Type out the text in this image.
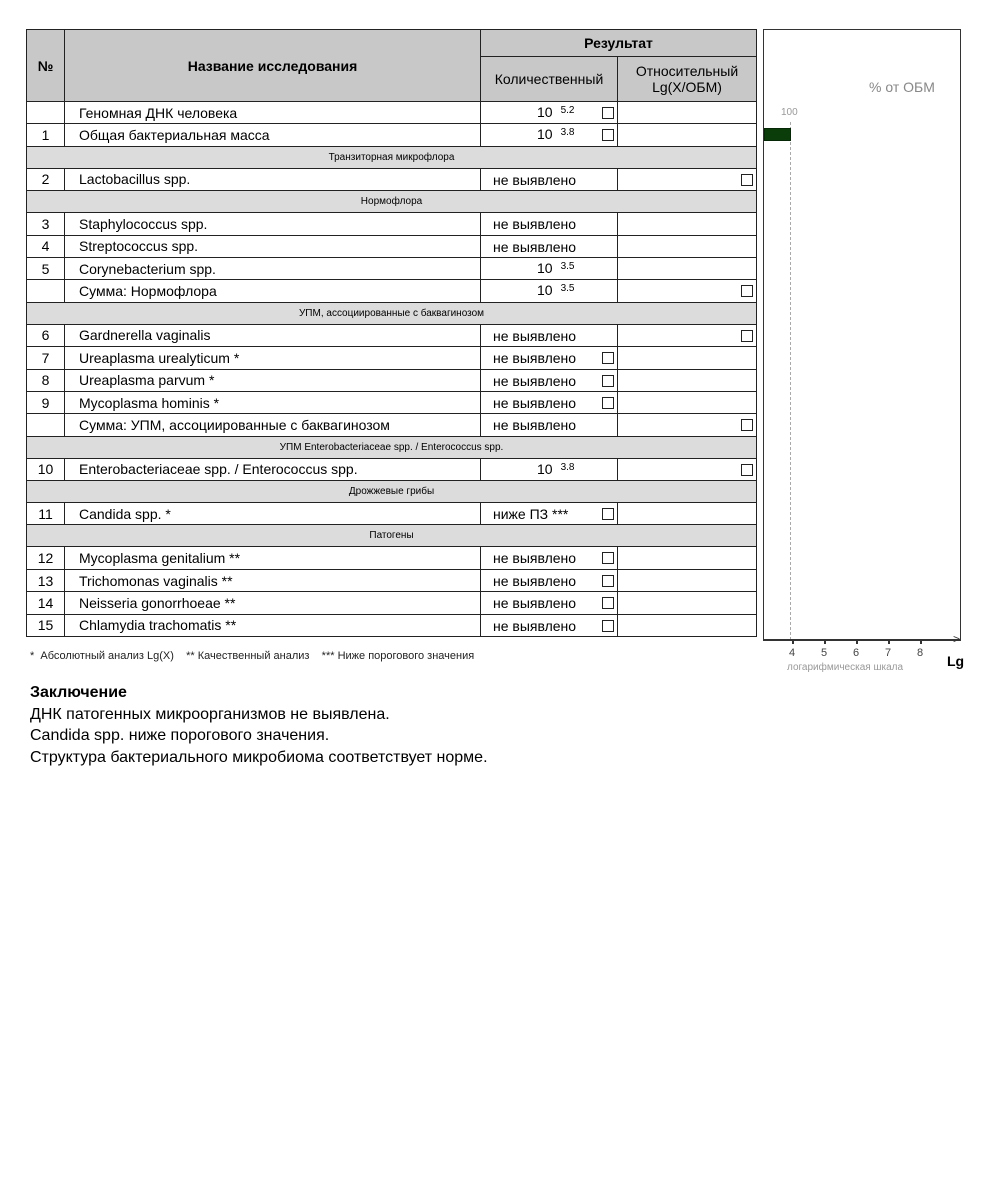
№	Название исследования	Результат	
		Количественный	Относительный
Lg(X/ОБМ)

	Геномная ДНК человека	10 $^{5.2}$

1	Общая бактериальная масса	10 $^{3.8}$

Транзиторная микрофлора			
2	Lactobacillus spp.	не выявлено	

Нормофлора			
3	Staphylococcus spp.	не выявлено	

4	Streptococcus spp.	не выявлено	

5	Corynebacterium spp.	10 $^{3.5}$

	Сумма: Нормофлора	10 $^{3.5}$

УПМ, ассоциированные с баквагинозом			
6	Gardnerella vaginalis	не выявлено	

7	Ureaplasma urealyticum *	не выявлено	

8	Ureaplasma parvum *	не выявлено	

9	Mycoplasma hominis *	не выявлено	

	Сумма: УПМ, ассоциированные с баквагинозом	не выявлено	

УПМ Enterobacteriaceae spp. / Enterococcus spp.			
10	Enterobacteriaceae spp. / Enterococcus spp.	10 $^{3.8}$

Дрожжевые грибы			
11	Candida spp. *	ниже ПЗ ***	

Патогены			
12	Mycoplasma genitalium **	не выявлено	

13	Trichomonas vaginalis **	не выявлено	

14	Neisseria gonorrhoeae **	не выявлено	

15	Chlamydia trachomatis **	не выявлено	

% от ОБМ
100
>
4 5 6 7 8
логарифмическая шкала	Lg
*  Абсолютный анализ Lg(X)    ** Качественный анализ    *** Ниже порогового значения
Заключение
ДНК патогенных микроорганизмов не выявлена.
Candida spp. ниже порогового значения.
Структура бактериального микробиома соответствует норме.
